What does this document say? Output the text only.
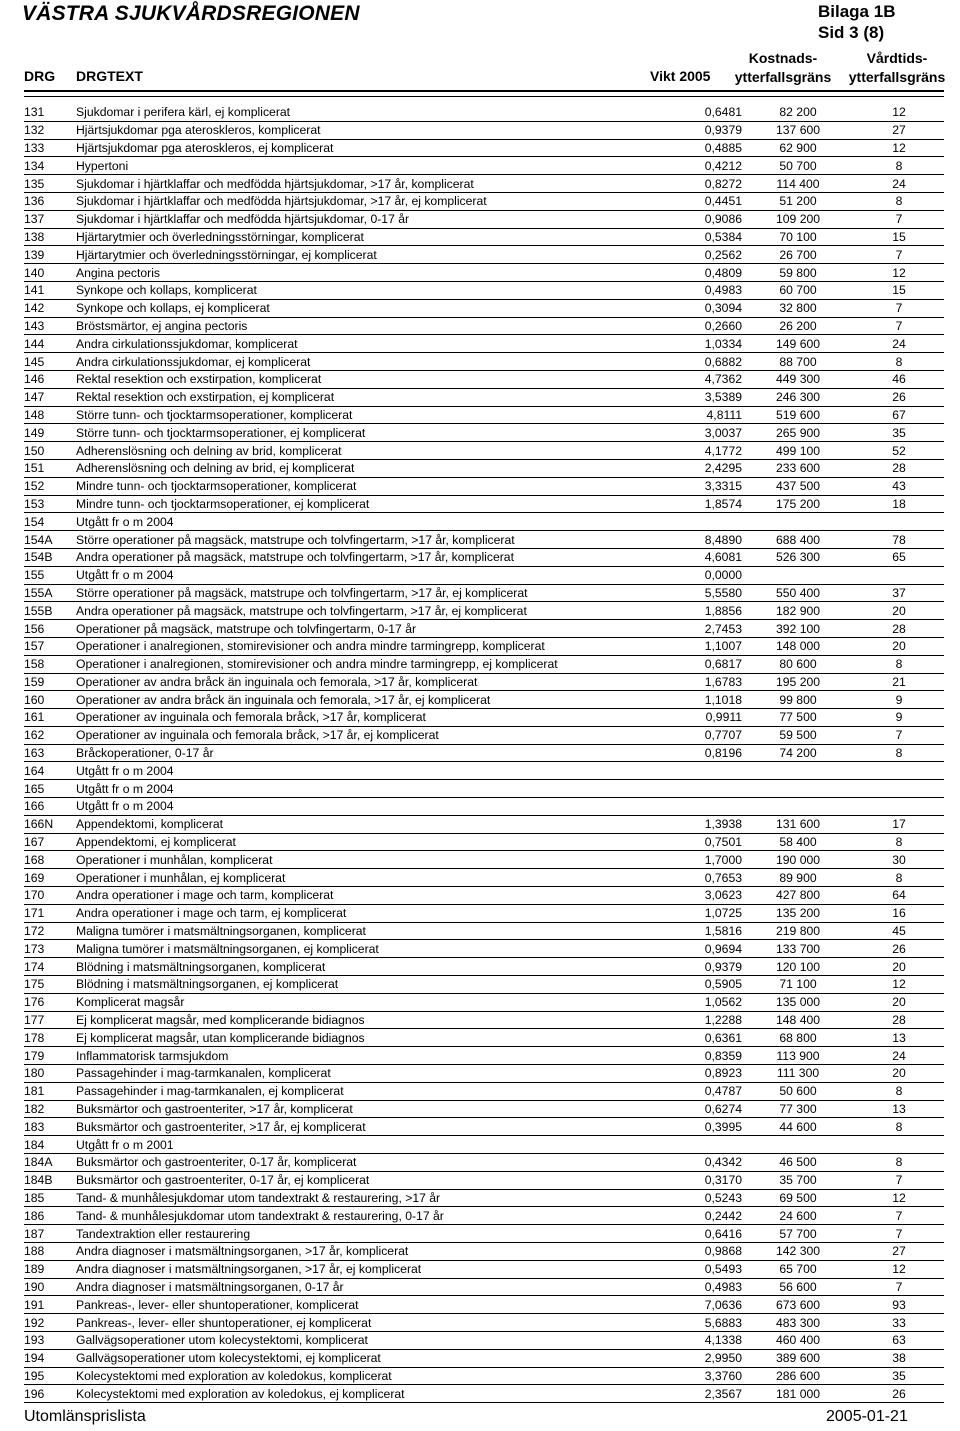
VÄSTRA SJUKVÅRDSREGIONEN	Bilaga 1B
Sid 3 (8)
DRG DRGTEXT	Vikt 2005
Kostnads-
ytterfallsgräns
Vårdtids-
ytterfallsgräns
131	Sjukdomar i perifera kärl, ej komplicerat	0,6481	82 200	12
132	Hjärtsjukdomar pga ateroskleros, komplicerat	0,9379	137 600	27
133	Hjärtsjukdomar pga ateroskleros, ej komplicerat	0,4885	62 900	12
134	Hypertoni	0,4212	50 700	8
135	Sjukdomar i hjärtklaffar och medfödda hjärtsjukdomar, >17 år, komplicerat	0,8272	114 400	24
136	Sjukdomar i hjärtklaffar och medfödda hjärtsjukdomar, >17 år, ej komplicerat	0,4451	51 200	8
137	Sjukdomar i hjärtklaffar och medfödda hjärtsjukdomar, 0-17 år	0,9086	109 200	7
138	Hjärtarytmier och överledningsstörningar, komplicerat	0,5384	70 100	15
139	Hjärtarytmier och överledningsstörningar, ej komplicerat	0,2562	26 700	7
140	Angina pectoris	0,4809	59 800	12
141	Synkope och kollaps, komplicerat	0,4983	60 700	15
142	Synkope och kollaps, ej komplicerat	0,3094	32 800	7
143	Bröstsmärtor, ej angina pectoris	0,2660	26 200	7
144	Andra cirkulationssjukdomar, komplicerat	1,0334	149 600	24
145	Andra cirkulationssjukdomar, ej komplicerat	0,6882	88 700	8
146	Rektal resektion och exstirpation, komplicerat	4,7362	449 300	46
147	Rektal resektion och exstirpation, ej komplicerat	3,5389	246 300	26
148	Större tunn- och tjocktarmsoperationer, komplicerat	4,8111	519 600	67
149	Större tunn- och tjocktarmsoperationer, ej komplicerat	3,0037	265 900	35
150	Adherenslösning och delning av brid, komplicerat	4,1772	499 100	52
151	Adherenslösning och delning av brid, ej komplicerat	2,4295	233 600	28
152	Mindre tunn- och tjocktarmsoperationer, komplicerat	3,3315	437 500	43
153	Mindre tunn- och tjocktarmsoperationer, ej komplicerat	1,8574	175 200	18
154	Utgått fr o m 2004			
154A	Större operationer på magsäck, matstrupe och tolvfingertarm, >17 år, komplicerat	8,4890	688 400	78
154B	Andra operationer på magsäck, matstrupe och tolvfingertarm, >17 år, komplicerat	4,6081	526 300	65
155	Utgått fr o m 2004	0,0000		
155A	Större operationer på magsäck, matstrupe och tolvfingertarm, >17 år, ej komplicerat	5,5580	550 400	37
155B	Andra operationer på magsäck, matstrupe och tolvfingertarm, >17 år, ej komplicerat	1,8856	182 900	20
156	Operationer på magsäck, matstrupe och tolvfingertarm, 0-17 år	2,7453	392 100	28
157	Operationer i analregionen, stomirevisioner och andra mindre tarmingrepp, komplicerat	1,1007	148 000	20
158	Operationer i analregionen, stomirevisioner och andra mindre tarmingrepp, ej komplicerat	0,6817	80 600	8
159	Operationer av andra bråck än inguinala och femorala, >17 år, komplicerat	1,6783	195 200	21
160	Operationer av andra bråck än inguinala och femorala, >17 år, ej komplicerat	1,1018	99 800	9
161	Operationer av inguinala och femorala bråck, >17 år, komplicerat	0,9911	77 500	9
162	Operationer av inguinala och femorala bråck, >17 år, ej komplicerat	0,7707	59 500	7
163	Bråckoperationer, 0-17 år	0,8196	74 200	8
164	Utgått fr o m 2004			
165	Utgått fr o m 2004			
166	Utgått fr o m 2004			
166N	Appendektomi, komplicerat	1,3938	131 600	17
167	Appendektomi, ej komplicerat	0,7501	58 400	8
168	Operationer i munhålan, komplicerat	1,7000	190 000	30
169	Operationer i munhålan, ej komplicerat	0,7653	89 900	8
170	Andra operationer i mage och tarm, komplicerat	3,0623	427 800	64
171	Andra operationer i mage och tarm, ej komplicerat	1,0725	135 200	16
172	Maligna tumörer i matsmältningsorganen, komplicerat	1,5816	219 800	45
173	Maligna tumörer i matsmältningsorganen, ej komplicerat	0,9694	133 700	26
174	Blödning i matsmältningsorganen, komplicerat	0,9379	120 100	20
175	Blödning i matsmältningsorganen, ej komplicerat	0,5905	71 100	12
176	Komplicerat magsår	1,0562	135 000	20
177	Ej komplicerat magsår, med komplicerande bidiagnos	1,2288	148 400	28
178	Ej komplicerat magsår, utan komplicerande bidiagnos	0,6361	68 800	13
179	Inflammatorisk tarmsjukdom	0,8359	113 900	24
180	Passagehinder i mag-tarmkanalen, komplicerat	0,8923	111 300	20
181	Passagehinder i mag-tarmkanalen, ej komplicerat	0,4787	50 600	8
182	Buksmärtor och gastroenteriter, >17 år, komplicerat	0,6274	77 300	13
183	Buksmärtor och gastroenteriter, >17 år, ej komplicerat	0,3995	44 600	8
184	Utgått fr o m 2001			
184A	Buksmärtor och gastroenteriter, 0-17 år, komplicerat	0,4342	46 500	8
184B	Buksmärtor och gastroenteriter, 0-17 år, ej komplicerat	0,3170	35 700	7
185	Tand- & munhålesjukdomar utom tandextrakt & restaurering, >17 år	0,5243	69 500	12
186	Tand- & munhålesjukdomar utom tandextrakt & restaurering, 0-17 år	0,2442	24 600	7
187	Tandextraktion eller restaurering	0,6416	57 700	7
188	Andra diagnoser i matsmältningsorganen, >17 år, komplicerat	0,9868	142 300	27
189	Andra diagnoser i matsmältningsorganen, >17 år, ej komplicerat	0,5493	65 700	12
190	Andra diagnoser i matsmältningsorganen, 0-17 år	0,4983	56 600	7
191	Pankreas-, lever- eller shuntoperationer, komplicerat	7,0636	673 600	93
192	Pankreas-, lever- eller shuntoperationer, ej komplicerat	5,6883	483 300	33
193	Gallvägsoperationer utom kolecystektomi, komplicerat	4,1338	460 400	63
194	Gallvägsoperationer utom kolecystektomi, ej komplicerat	2,9950	389 600	38
195	Kolecystektomi med exploration av koledokus, komplicerat	3,3760	286 600	35
196	Kolecystektomi med exploration av koledokus, ej komplicerat	2,3567	181 000	26
Utomlänsprislista	2005-01-21
